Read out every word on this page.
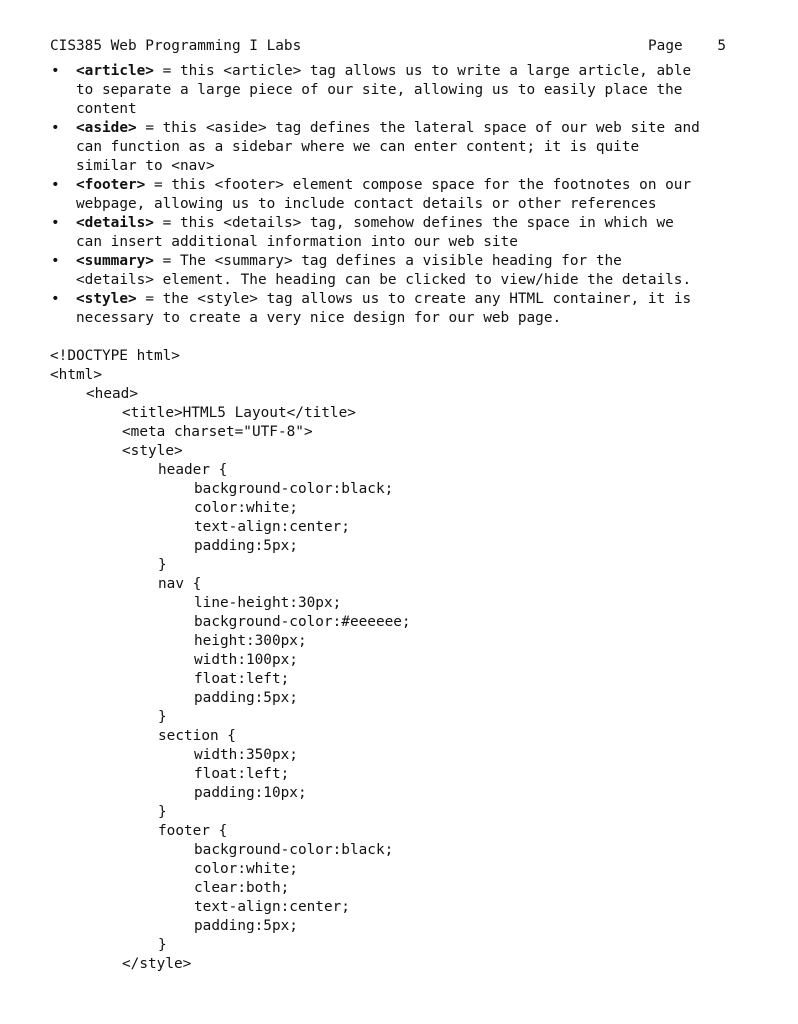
CIS385 Web Programming I Labs

	Page    5

• <article> = this <article> tag allows us to write a large article, able
to separate a large piece of our site, allowing us to easily place the
content
• <aside> = this <aside> tag defines the lateral space of our web site and
can function as a sidebar where we can enter content; it is quite
similar to <nav>
• <footer> = this <footer> element compose space for the footnotes on our
webpage, allowing us to include contact details or other references
• <details> = this <details> tag, somehow defines the space in which we
can insert additional information into our web site
• <summary> = The <summary> tag defines a visible heading for the
<details> element. The heading can be clicked to view/hide the details.
• <style> = the <style> tag allows us to create any HTML container, it is
necessary to create a very nice design for our web page.
<!DOCTYPE html>
<html>
<head>
<title>HTML5 Layout</title>
<meta charset="UTF-8">
<style>
header {
background-color:black;
color:white;
text-align:center;
padding:5px;
}
nav {
line-height:30px;
background-color:#eeeeee;
height:300px;
width:100px;
float:left;
padding:5px;
}
section {
width:350px;
float:left;
padding:10px;
}
footer {
background-color:black;
color:white;
clear:both;
text-align:center;
padding:5px;
}
</style>
